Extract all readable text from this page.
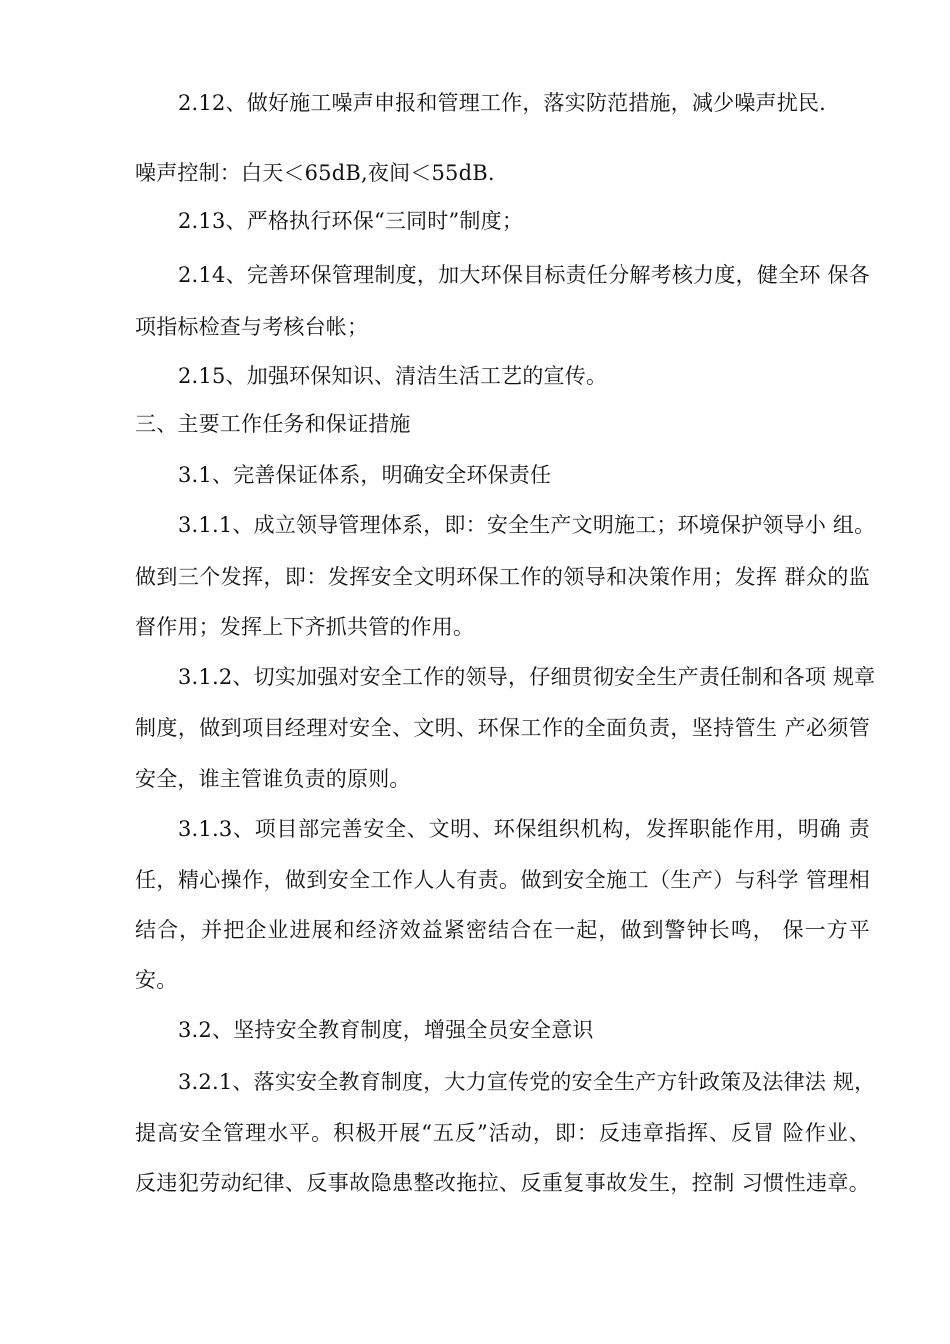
2.12、做好施工噪声申报和管理工作，落实防范措施，减少噪声扰民.
噪声控制：白天＜65dB,夜间＜55dB.
2.13、严格执行环保“三同时”制度；
2.14、完善环保管理制度，加大环保目标责任分解考核力度，健全环 保各
项指标检查与考核台帐；
2.15、加强环保知识、清洁生活工艺的宣传。
三、主要工作任务和保证措施
3.1、完善保证体系，明确安全环保责任
3.1.1、成立领导管理体系，即：安全生产文明施工；环境保护领导小 组。
做到三个发挥，即：发挥安全文明环保工作的领导和决策作用；发挥 群众的监
督作用；发挥上下齐抓共管的作用。
3.1.2、切实加强对安全工作的领导，仔细贯彻安全生产责任制和各项 规章
制度，做到项目经理对安全、文明、环保工作的全面负责，坚持管生 产必须管
安全，谁主管谁负责的原则。
3.1.3、项目部完善安全、文明、环保组织机构，发挥职能作用，明确 责
任，精心操作，做到安全工作人人有责。做到安全施工（生产）与科学 管理相
结合，并把企业进展和经济效益紧密结合在一起，做到警钟长鸣， 保一方平
安。
3.2、坚持安全教育制度，增强全员安全意识
3.2.1、落实安全教育制度，大力宣传党的安全生产方针政策及法律法 规，
提高安全管理水平。积极开展“五反”活动，即：反违章指挥、反冒 险作业、
反违犯劳动纪律、反事故隐患整改拖拉、反重复事故发生，控制 习惯性违章。
